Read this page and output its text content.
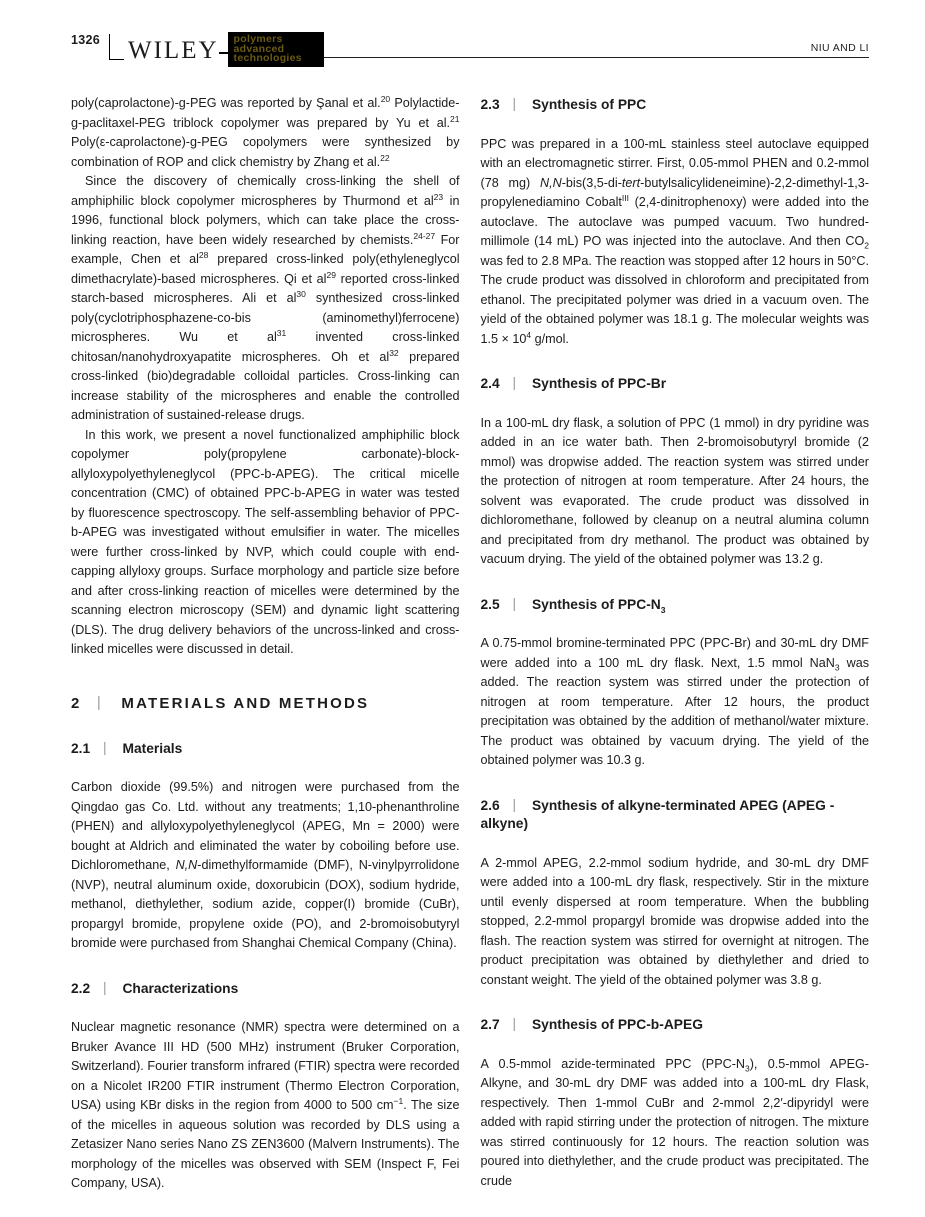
1326 WILEY polymers
advanced
technologies
NIU AND LI

poly(caprolactone)-g-PEG was reported by Şanal et al.$^{20}$ Polylactide-g-paclitaxel-PEG triblock copolymer was prepared by Yu et al.$^{21}$ Poly(ε-caprolactone)-g-PEG copolymers were synthesized by combination of ROP and click chemistry by Zhang et al.$^{22}$

Since the discovery of chemically cross-linking the shell of amphiphilic block copolymer microspheres by Thurmond et $al^{23}$ in 1996, functional block polymers, which can take place the cross-linking reaction, have been widely researched by chemists.$^{24-27}$ For example, Chen et $al^{28}$ prepared cross-linked poly(ethyleneglycol dimethacrylate)-based microspheres. Qi et $al^{29}$ reported cross-linked starch-based microspheres. Ali et $al^{30}$ synthesized cross-linked poly(cyclotriphosphazene-co-bis (aminomethyl)ferrocene) microspheres. Wu et $al^{31}$ invented cross-linked chitosan/nanohydroxyapatite microspheres. Oh et $al^{32}$ prepared cross-linked (bio)degradable colloidal particles. Cross-linking can increase stability of the microspheres and enable the controlled administration of sustained-release drugs.

In this work, we present a novel functionalized amphiphilic block copolymer poly(propylene carbonate)-block-allyloxypolyethyleneglycol (PPC-b-APEG). The critical micelle concentration (CMC) of obtained PPC-b-APEG in water was tested by fluorescence spectroscopy. The self-assembling behavior of PPC-b-APEG was investigated without emulsifier in water. The micelles were further cross-linked by NVP, which could couple with end-capping allyloxy groups. Surface morphology and particle size before and after cross-linking reaction of micelles were determined by the scanning electron microscopy (SEM) and dynamic light scattering (DLS). The drug delivery behaviors of the uncross-linked and cross-linked micelles were discussed in detail.

2 | MATERIALS AND METHODS
2.1 | Materials

Carbon dioxide (99.5%) and nitrogen were purchased from the Qingdao gas Co. Ltd. without any treatments; 1,10-phenanthroline (PHEN) and allyloxypolyethyleneglycol (APEG, Mn = 2000) were bought at Aldrich and eliminated the water by coboiling before use. Dichloromethane, N,N-dimethylformamide (DMF), N-vinylpyrrolidone (NVP), neutral aluminum oxide, doxorubicin (DOX), sodium hydride, methanol, diethylether, sodium azide, copper(I) bromide (CuBr), propargyl bromide, propylene oxide (PO), and 2-bromoisobutyryl bromide were purchased from Shanghai Chemical Company (China).

2.2 | Characterizations

Nuclear magnetic resonance (NMR) spectra were determined on a Bruker Avance III HD (500 MHz) instrument (Bruker Corporation, Switzerland). Fourier transform infrared (FTIR) spectra were recorded on a Nicolet IR200 FTIR instrument (Thermo Electron Corporation, USA) using KBr disks in the region from 4000 to 500 $cm^{-1}$. The size of the micelles in aqueous solution was recorded by DLS using a Zetasizer Nano series Nano ZS ZEN3600 (Malvern Instruments). The morphology of the micelles was observed with SEM (Inspect F, Fei Company, USA).

2.3 | Synthesis of PPC

PPC was prepared in a 100-mL stainless steel autoclave equipped with an electromagnetic stirrer. First, 0.05-mmol PHEN and 0.2-mmol (78 mg) N,N-bis(3,5-di-tert-butylsalicylideneimine)-2,2-dimethyl-1,3-propylenediamino Cobalt$^{III}$ (2,4-dinitrophenoxy) were added into the autoclave. The autoclave was pumped vacuum. Two hundred-millimole (14 mL) PO was injected into the autoclave. And then $CO_2$ was fed to 2.8 MPa. The reaction was stopped after 12 hours in 50°C. The crude product was dissolved in chloroform and precipitated from ethanol. The precipitated polymer was dried in a vacuum oven. The yield of the obtained polymer was 18.1 g. The molecular weights was $1.5 \times 10^4$ g/mol.

2.4 | Synthesis of PPC-Br

In a 100-mL dry flask, a solution of PPC (1 mmol) in dry pyridine was added in an ice water bath. Then 2-bromoisobutyryl bromide (2 mmol) was dropwise added. The reaction system was stirred under the protection of nitrogen at room temperature. After 24 hours, the solvent was evaporated. The crude product was dissolved in dichloromethane, followed by cleanup on a neutral alumina column and precipitated from dry methanol. The product was obtained by vacuum drying. The yield of the obtained polymer was 13.2 g.

2.5 | Synthesis of PPC-$N_3$

A 0.75-mmol bromine-terminated PPC (PPC-Br) and 30-mL dry DMF were added into a 100 mL dry flask. Next, 1.5 mmol NaN$_3$ was added. The reaction system was stirred under the protection of nitrogen at room temperature. After 12 hours, the product precipitation was obtained by the addition of methanol/water mixture. The product was obtained by vacuum drying. The yield of the obtained polymer was 10.3 g.

2.6 | Synthesis of alkyne-terminated APEG (APEG -alkyne)

A 2-mmol APEG, 2.2-mmol sodium hydride, and 30-mL dry DMF were added into a 100-mL dry flask, respectively. Stir in the mixture until evenly dispersed at room temperature. When the bubbling stopped, 2.2-mmol propargyl bromide was dropwise added into the flash. The reaction system was stirred for overnight at nitrogen. The product precipitation was obtained by diethylether and dried to constant weight. The yield of the obtained polymer was 3.8 g.

2.7 | Synthesis of PPC-b-APEG

A 0.5-mmol azide-terminated PPC $(PPC-N_3)$, 0.5-mmol APEG-Alkyne, and 30-mL dry DMF was added into a 100-mL dry Flask, respectively. Then 1-mmol CuBr and 2-mmol 2,2′-dipyridyl were added with rapid stirring under the protection of nitrogen. The mixture was stirred continuously for 12 hours. The reaction solution was poured into diethylether, and the crude product was precipitated. The crude
